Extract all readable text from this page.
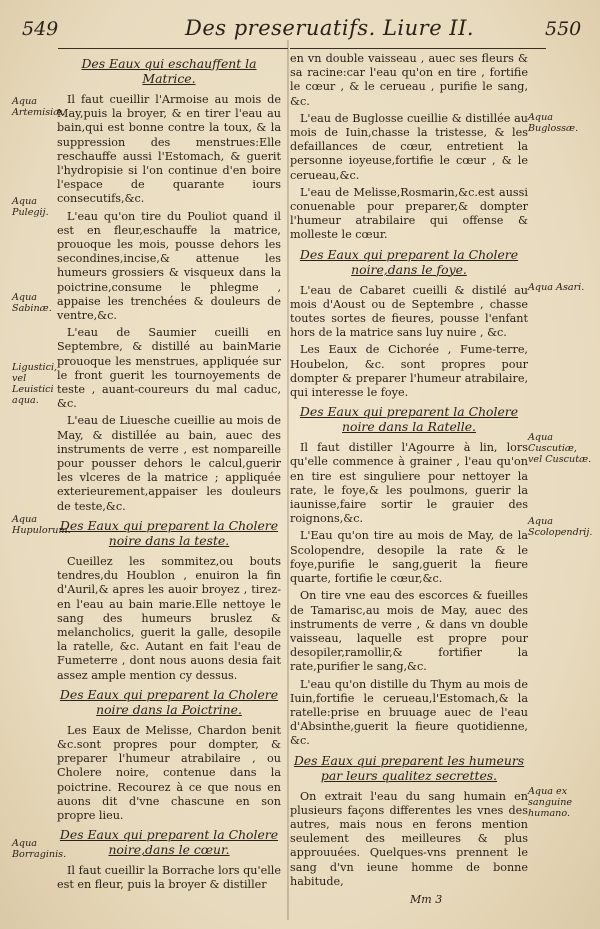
549	Des preseruatifs. Liure II.	550
Des Eaux qui eschauffent la Matrice.
Il faut cueillir l'Armoise au mois de May,puis la broyer, & en tirer l'eau au bain,qui est bonne contre la toux, & la suppression des menstrues:Elle reschauffe aussi l'Estomach, & guerit l'hydropisie si l'on continue d'en boire l'espace de quarante iours consecutifs,&c.
L'eau qu'on tire du Pouliot quand il est en fleur,eschauffe la matrice, prouoque les mois, pousse dehors les secondines,incise,& attenue les humeurs grossiers & visqueux dans la poictrine,consume le phlegme , appaise les trenchées & douleurs de ventre,&c.
L'eau de Saumier cueilli en Septembre, & distillé au bainMarie prouoque les menstrues, appliquée sur le front guerit les tournoyements de teste , auant-coureurs du mal caduc, &c.
L'eau de Liuesche cueillie au mois de May, & distillée au bain, auec des instruments de verre , est nompareille pour pousser dehors le calcul,guerir les vlceres de la matrice ; appliquée exterieurement,appaiser les douleurs de teste,&c.
Des Eaux qui preparent la Cholere noire dans la teste.
Cueillez les sommitez,ou bouts tendres,du Houblon , enuiron la fin d'Auril,& apres les auoir broyez , tirez-en l'eau au bain marie.Elle nettoye le sang des humeurs bruslez & melancholics, guerit la galle, desopile la ratelle, &c. Autant en fait l'eau de Fumeterre , dont nous auons desia fait assez ample mention cy dessus.
Des Eaux qui preparent la Cholere noire dans la Poictrine.
Les Eaux de Melisse, Chardon benit &c.sont propres pour dompter, & preparer l'humeur atrabilaire , ou Cholere noire, contenue dans la poictrine. Recourez à ce que nous en auons dit d'vne chascune en son propre lieu.
Des Eaux qui preparent la Cholere noire,dans le cœur.
Il faut cueillir la Borrache lors qu'elle est en fleur, puis la broyer & distiller
en vn double vaisseau , auec ses fleurs & sa racine:car l'eau qu'on en tire , fortifie le cœur , & le cerueau , purifie le sang, &c.
L'eau de Buglosse cueillie & distillée au mois de Iuin,chasse la tristesse, & les defaillances de cœur, entretient la personne ioyeuse,fortifie le cœur , & le cerueau,&c.
L'eau de Melisse,Rosmarin,&c.est aussi conuenable pour preparer,& dompter l'humeur atrabilaire qui offense & molleste le cœur.
Des Eaux qui preparent la Cholere noire,dans le foye.
L'eau de Cabaret cueilli & distilé au mois d'Aoust ou de Septembre , chasse toutes sortes de fieures, pousse l'enfant hors de la matrice sans luy nuire , &c.
Les Eaux de Cichorée , Fume-terre, Houbelon, &c. sont propres pour dompter & preparer l'humeur atrabilaire, qui interesse le foye.
Des Eaux qui preparent la Cholere noire dans la Ratelle.
Il faut distiller l'Agourre à lin, lors qu'elle commence à grainer , l'eau qu'on en tire est singuliere pour nettoyer la rate, le foye,& les poulmons, guerir la iaunisse,faire sortir le grauier des roignons,&c.
L'Eau qu'on tire au mois de May, de la Scolopendre, desopile la rate & le foye,purifie le sang,guerit la fieure quarte, fortifie le cœur,&c.
On tire vne eau des escorces & fueilles de Tamarisc,au mois de May, auec des instruments de verre , & dans vn double vaisseau, laquelle est propre pour desopiler,ramollir,& fortifier la rate,purifier le sang,&c.
L'eau qu'on distille du Thym au mois de Iuin,fortifie le cerueau,l'Estomach,& la ratelle:prise en bruuage auec de l'eau d'Absinthe,guerit la fieure quotidienne, &c.
Des Eaux qui preparent les humeurs par leurs qualitez secrettes.
On extrait l'eau du sang humain en plusieurs façons differentes les vnes des autres, mais nous en ferons mention seulement des meilleures & plus approuuées. Quelques-vns prennent le sang d'vn ieune homme de bonne habitude,
Aqua Artemisiæ.
Aqua Pulegij.
Aqua Sabinæ.
Ligustici, vel Leuistici aqua.
Aqua Hupulorum.
Aqua Borraginis.
Aqua Buglossæ.
Aqua Asari.
Aqua Cuscutiæ, vel Cuscutæ.
Aqua Scolopendrij.
Aqua ex sanguine humano.
Mm 3
